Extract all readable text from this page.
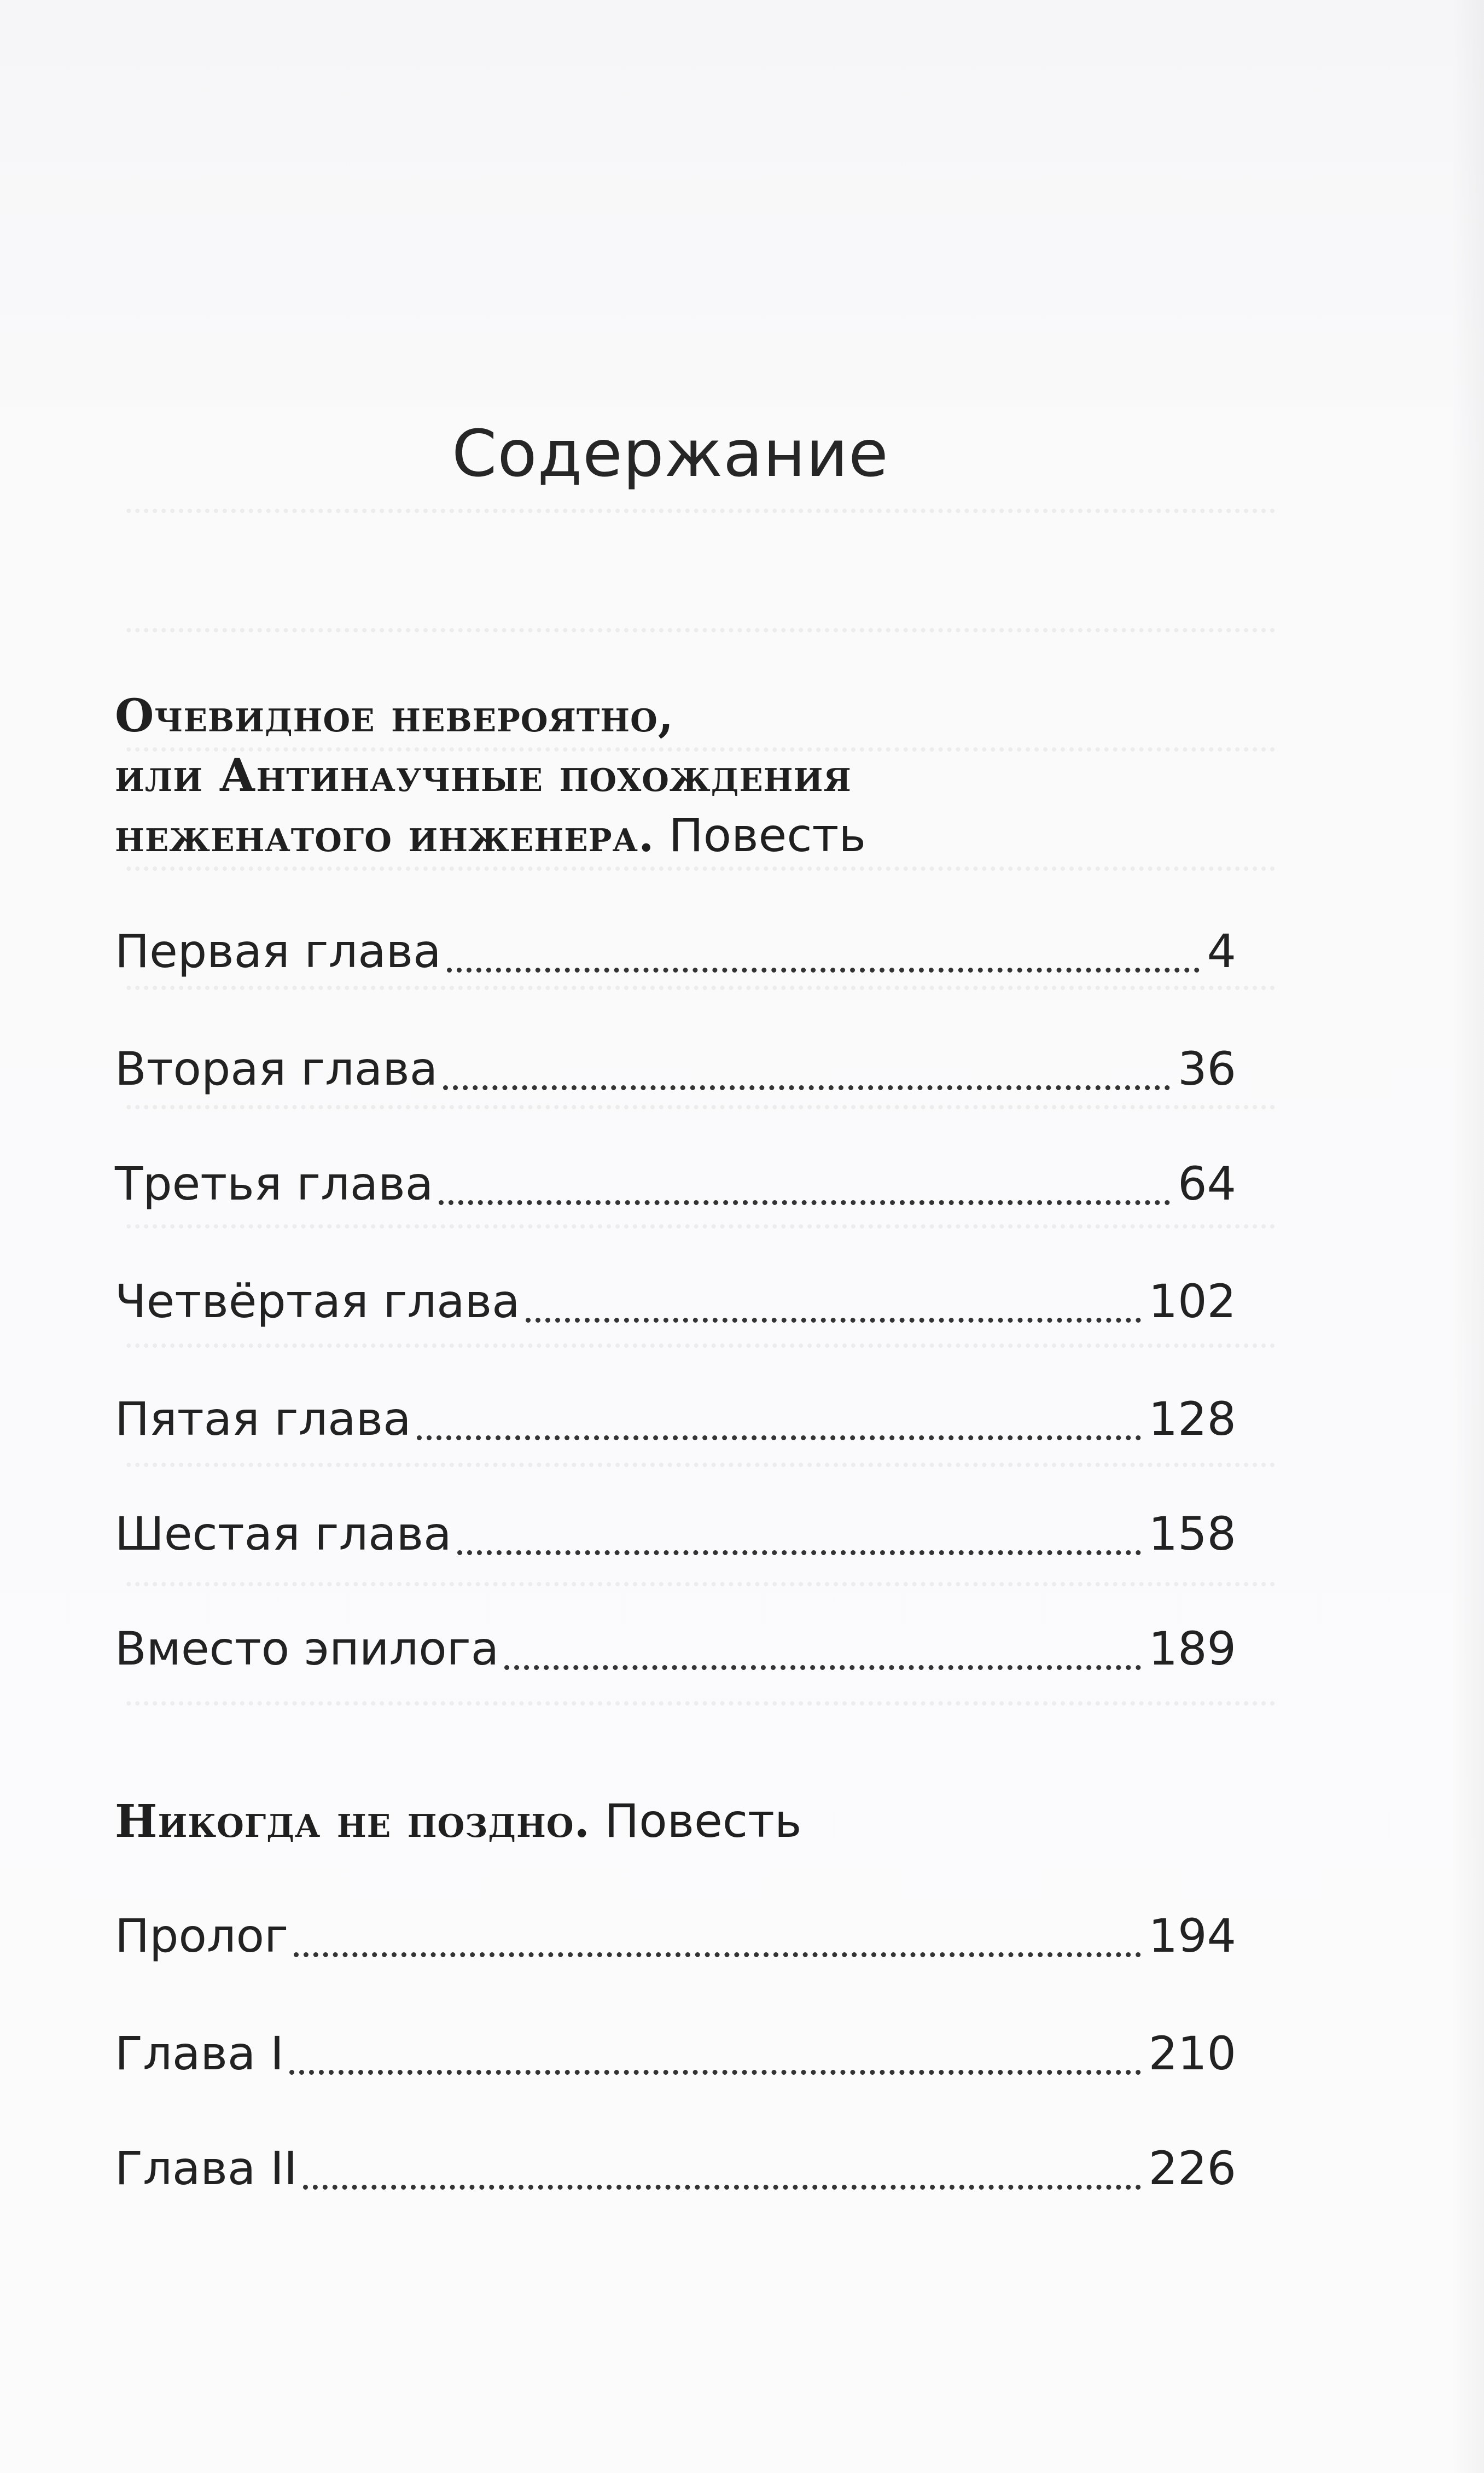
Содержание
Очевидное невероятно,
или Антинаучные похождения
неженатого инженера. Повесть
Первая глава	4
Вторая глава	36
Третья глава	64
Четвёртая глава	102
Пятая глава	128
Шестая глава	158
Вместо эпилога	189
Никогда не поздно. Повесть
Пролог	194
Глава I	210
Глава II	226
